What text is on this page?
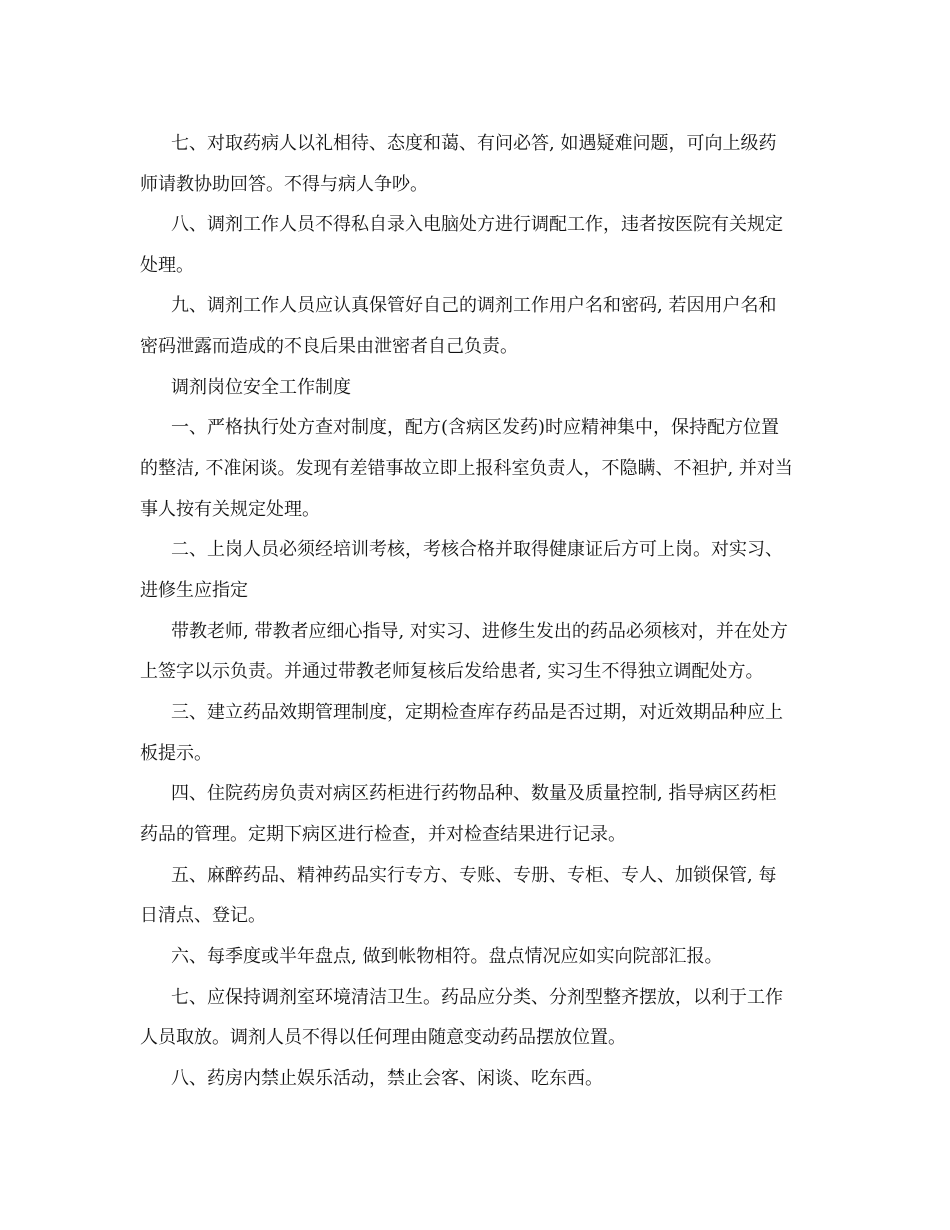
七、对取药病人以礼相待、态度和蔼、有问必答, 如遇疑难问题，可向上级药
师请教协助回答。不得与病人争吵。
八、调剂工作人员不得私自录入电脑处方进行调配工作，违者按医院有关规定
处理。
九、调剂工作人员应认真保管好自己的调剂工作用户名和密码, 若因用户名和
密码泄露而造成的不良后果由泄密者自己负责。
调剂岗位安全工作制度
一、严格执行处方查对制度，配方(含病区发药)时应精神集中，保持配方位置
的整洁, 不准闲谈。发现有差错事故立即上报科室负责人，不隐瞒、不袒护, 并对当
事人按有关规定处理。
二、上岗人员必须经培训考核，考核合格并取得健康证后方可上岗。对实习、
进修生应指定
带教老师, 带教者应细心指导, 对实习、进修生发出的药品必须核对，并在处方
上签字以示负责。并通过带教老师复核后发给患者, 实习生不得独立调配处方。
三、建立药品效期管理制度，定期检查库存药品是否过期，对近效期品种应上
板提示。
四、住院药房负责对病区药柜进行药物品种、数量及质量控制, 指导病区药柜
药品的管理。定期下病区进行检查，并对检查结果进行记录。
五、麻醉药品、精神药品实行专方、专账、专册、专柜、专人、加锁保管, 每
日清点、登记。
六、每季度或半年盘点, 做到帐物相符。盘点情况应如实向院部汇报。
七、应保持调剂室环境清洁卫生。药品应分类、分剂型整齐摆放，以利于工作
人员取放。调剂人员不得以任何理由随意变动药品摆放位置。
八、药房内禁止娱乐活动，禁止会客、闲谈、吃东西。
